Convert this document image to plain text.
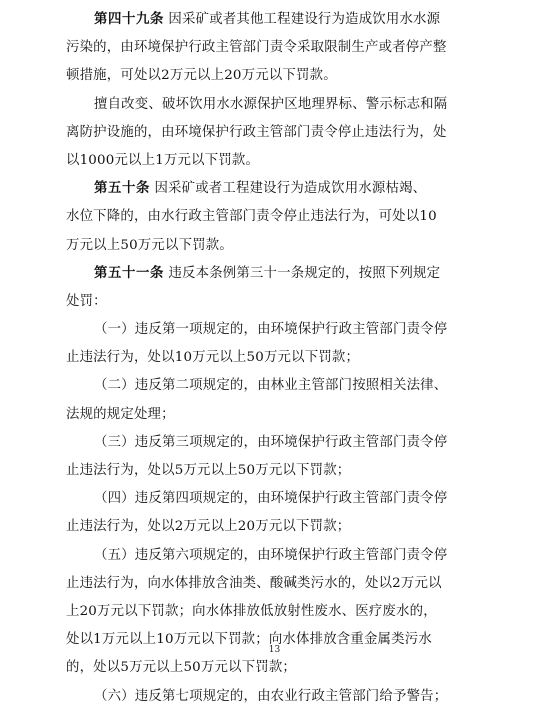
第四十九条 因采矿或者其他工程建设行为造成饮用水水源
污染的，由环境保护行政主管部门责令采取限制生产或者停产整
顿措施，可处以2万元以上20万元以下罚款。
擅自改变、破坏饮用水水源保护区地理界标、警示标志和隔
离防护设施的，由环境保护行政主管部门责令停止违法行为，处
以1000元以上1万元以下罚款。
第五十条 因采矿或者工程建设行为造成饮用水源枯竭、
水位下降的，由水行政主管部门责令停止违法行为，可处以10
万元以上50万元以下罚款。
第五十一条 违反本条例第三十一条规定的，按照下列规定
处罚：
（一）违反第一项规定的，由环境保护行政主管部门责令停
止违法行为，处以10万元以上50万元以下罚款；
（二）违反第二项规定的，由林业主管部门按照相关法律、
法规的规定处理；
（三）违反第三项规定的，由环境保护行政主管部门责令停
止违法行为，处以5万元以上50万元以下罚款；
（四）违反第四项规定的，由环境保护行政主管部门责令停
止违法行为，处以2万元以上20万元以下罚款；
（五）违反第六项规定的，由环境保护行政主管部门责令停
止违法行为，向水体排放含油类、酸碱类污水的，处以2万元以
上20万元以下罚款；向水体排放低放射性废水、医疗废水的，
处以1万元以上10万元以下罚款；向水体排放含重金属类污水
的，处以5万元以上50万元以下罚款；
（六）违反第七项规定的，由农业行政主管部门给予警告；
13
